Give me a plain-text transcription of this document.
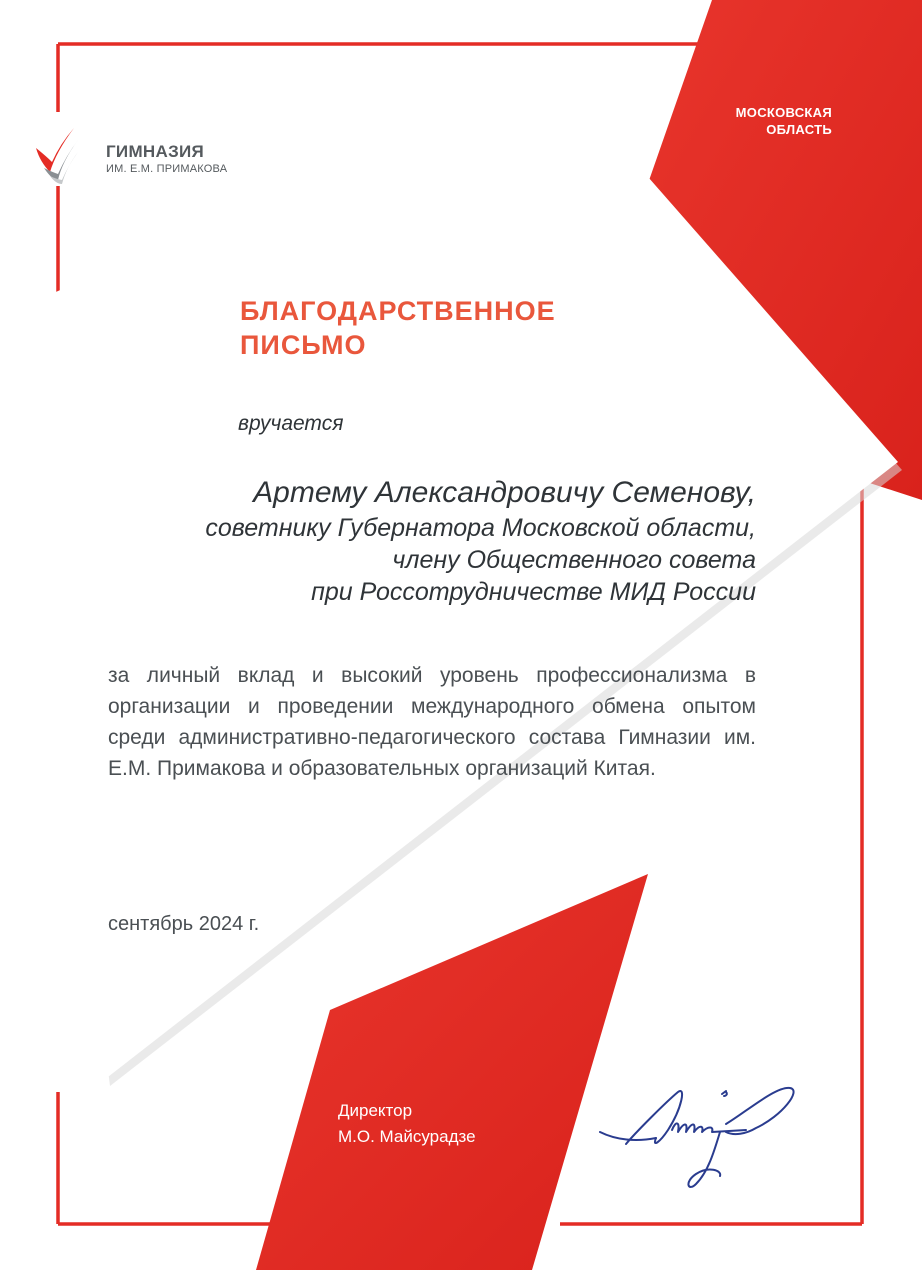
ГИМНАЗИЯ
ИМ. Е.М. ПРИМАКОВА
МОСКОВСКАЯ
ОБЛАСТЬ
БЛАГОДАРСТВЕННОЕ
ПИСЬМО
вручается
Артему Александровичу Семенову,
советнику Губернатора Московской области,
члену Общественного совета
при Россотрудничестве МИД России
за личный вклад и высокий уровень профессионализма в организации и проведении международного обмена опытом среди административно-педагогического состава Гимназии им. Е.М. Примакова и образовательных организаций Китая.
сентябрь 2024 г.
Директор
М.О. Майсурадзе
